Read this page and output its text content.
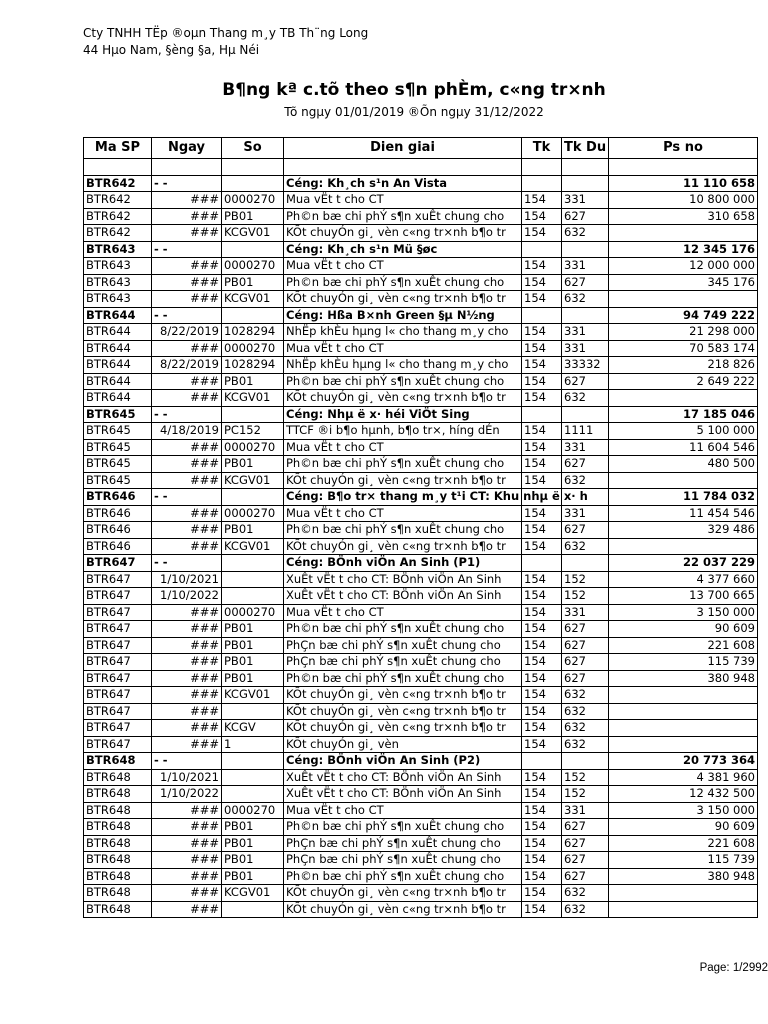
Cty TNHH TËp ®oµn Thang m¸y TB Th¨ng Long
44 Hµo Nam, §èng §a, Hµ Néi
B¶ng kª c.tõ theo s¶n phÈm, c«ng tr×nh
Tõ ngµy 01/01/2019 ®Õn ngµy 31/12/2022
Ma SP	Ngay	So	Dien giai	Tk	Tk Du	Ps no

BTR642	- -		Céng: Kh¸ch s¹n An Vista			11 110 658
BTR642	###	0000270	Mua vËt t cho CT	154	331	10 800 000
BTR642	###	PB01	Ph©n bæ chi phÝ s¶n xuÊt chung cho	154	627	310 658
BTR642	###	KCGV01	KÕt chuyÓn gi¸ vèn c«ng tr×nh b¶o tr	154	632	
BTR643	- -		Céng: Kh¸ch s¹n Mü §øc			12 345 176
BTR643	###	0000270	Mua vËt t cho CT	154	331	12 000 000
BTR643	###	PB01	Ph©n bæ chi phÝ s¶n xuÊt chung cho	154	627	345 176
BTR643	###	KCGV01	KÕt chuyÓn gi¸ vèn c«ng tr×nh b¶o tr	154	632	
BTR644	- -		Céng: Hßa B×nh Green §µ N½ng			94 749 222
BTR644	8/22/2019	1028294	NhËp khÈu hµng l« cho thang m¸y cho	154	331	21 298 000
BTR644	###	0000270	Mua vËt t cho CT	154	331	70 583 174
BTR644	8/22/2019	1028294	NhËp khÈu hµng l« cho thang m¸y cho	154	33332	218 826
BTR644	###	PB01	Ph©n bæ chi phÝ s¶n xuÊt chung cho	154	627	2 649 222
BTR644	###	KCGV01	KÕt chuyÓn gi¸ vèn c«ng tr×nh b¶o tr	154	632	
BTR645	- -		Céng: Nhµ ë x· héi ViÖt Sing			17 185 046
BTR645	4/18/2019	PC152	TTCF ®i b¶o hµnh, b¶o tr×, híng dÉn	154	1111	5 100 000
BTR645	###	0000270	Mua vËt t cho CT	154	331	11 604 546
BTR645	###	PB01	Ph©n bæ chi phÝ s¶n xuÊt chung cho	154	627	480 500
BTR645	###	KCGV01	KÕt chuyÓn gi¸ vèn c«ng tr×nh b¶o tr	154	632	
BTR646	- -		Céng: B¶o tr× thang m¸y t¹i CT: Khu nhµ ë x· h			11 784 032
BTR646	###	0000270	Mua vËt t cho CT	154	331	11 454 546
BTR646	###	PB01	Ph©n bæ chi phÝ s¶n xuÊt chung cho	154	627	329 486
BTR646	###	KCGV01	KÕt chuyÓn gi¸ vèn c«ng tr×nh b¶o tr	154	632	
BTR647	- -		Céng: BÖnh viÖn An Sinh (P1)			22 037 229
BTR647	1/10/2021		XuÊt vËt t cho CT: BÖnh viÖn An Sinh	154	152	4 377 660
BTR647	1/10/2022		XuÊt vËt t cho CT: BÖnh viÖn An Sinh	154	152	13 700 665
BTR647	###	0000270	Mua vËt t cho CT	154	331	3 150 000
BTR647	###	PB01	Ph©n bæ chi phÝ s¶n xuÊt chung cho	154	627	90 609
BTR647	###	PB01	PhÇn bæ chi phÝ s¶n xuÊt chung cho	154	627	221 608
BTR647	###	PB01	PhÇn bæ chi phÝ s¶n xuÊt chung cho	154	627	115 739
BTR647	###	PB01	Ph©n bæ chi phÝ s¶n xuÊt chung cho	154	627	380 948
BTR647	###	KCGV01	KÕt chuyÓn gi¸ vèn c«ng tr×nh b¶o tr	154	632	
BTR647	###		KÕt chuyÓn gi¸ vèn c«ng tr×nh b¶o tr	154	632	
BTR647	###	KCGV	KÕt chuyÓn gi¸ vèn c«ng tr×nh b¶o tr	154	632	
BTR647	###	1	KÕt chuyÓn gi¸ vèn	154	632	
BTR648	- -		Céng: BÖnh viÖn An Sinh (P2)			20 773 364
BTR648	1/10/2021		XuÊt vËt t cho CT: BÖnh viÖn An Sinh	154	152	4 381 960
BTR648	1/10/2022		XuÊt vËt t cho CT: BÖnh viÖn An Sinh	154	152	12 432 500
BTR648	###	0000270	Mua vËt t cho CT	154	331	3 150 000
BTR648	###	PB01	Ph©n bæ chi phÝ s¶n xuÊt chung cho	154	627	90 609
BTR648	###	PB01	PhÇn bæ chi phÝ s¶n xuÊt chung cho	154	627	221 608
BTR648	###	PB01	PhÇn bæ chi phÝ s¶n xuÊt chung cho	154	627	115 739
BTR648	###	PB01	Ph©n bæ chi phÝ s¶n xuÊt chung cho	154	627	380 948
BTR648	###	KCGV01	KÕt chuyÓn gi¸ vèn c«ng tr×nh b¶o tr	154	632	
BTR648	###		KÕt chuyÓn gi¸ vèn c«ng tr×nh b¶o tr	154	632	
Page: 1/2992
